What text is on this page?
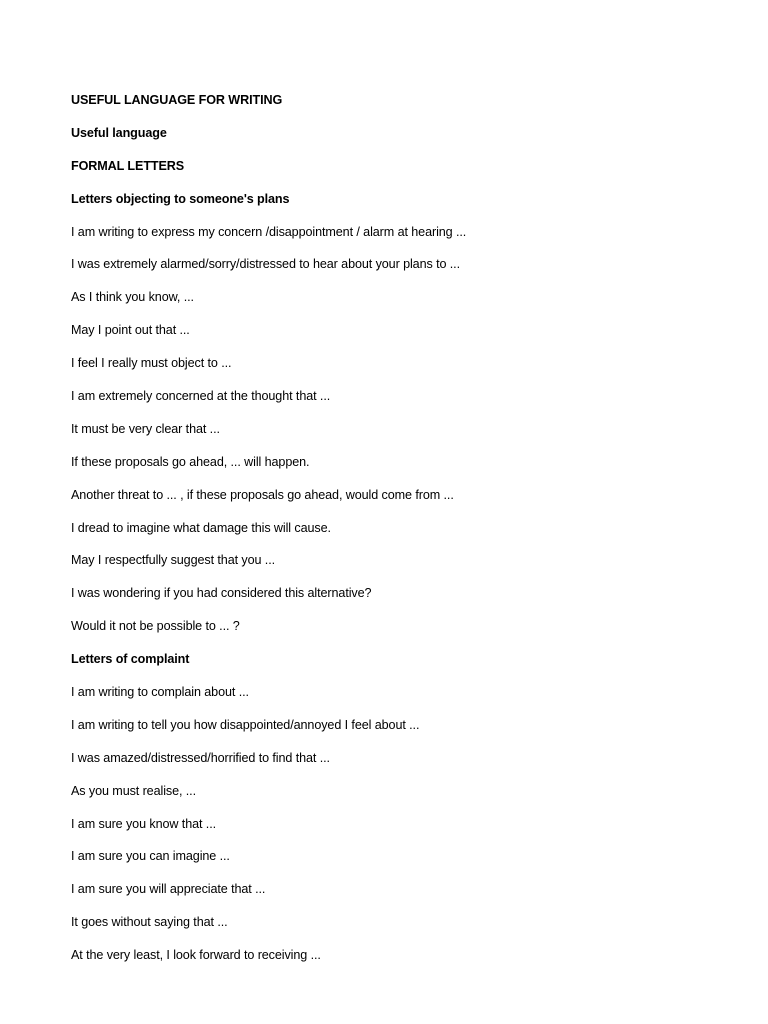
USEFUL LANGUAGE FOR WRITING
Useful language
FORMAL LETTERS
Letters objecting to someone's plans
I am writing to express my concern /disappointment / alarm at hearing ...
I was extremely alarmed/sorry/distressed to hear about your plans to ...
As I think you know, ...
May I point out that ...
I feel I really must object to ...
I am extremely concerned at the thought that ...
It must be very clear that ...
If these proposals go ahead, ... will happen.
Another threat to ... , if these proposals go ahead, would come from ...
I dread to imagine what damage this will cause.
May I respectfully suggest that you ...
I was wondering if you had considered this alternative?
Would it not be possible to ... ?
Letters of complaint
I am writing to complain about ...
I am writing to tell you how disappointed/annoyed I feel about ...
I was amazed/distressed/horrified to find that ...
As you must realise, ...
I am sure you know that ...
I am sure you can imagine ...
I am sure you will appreciate that ...
It goes without saying that ...
At the very least, I look forward to receiving ...
